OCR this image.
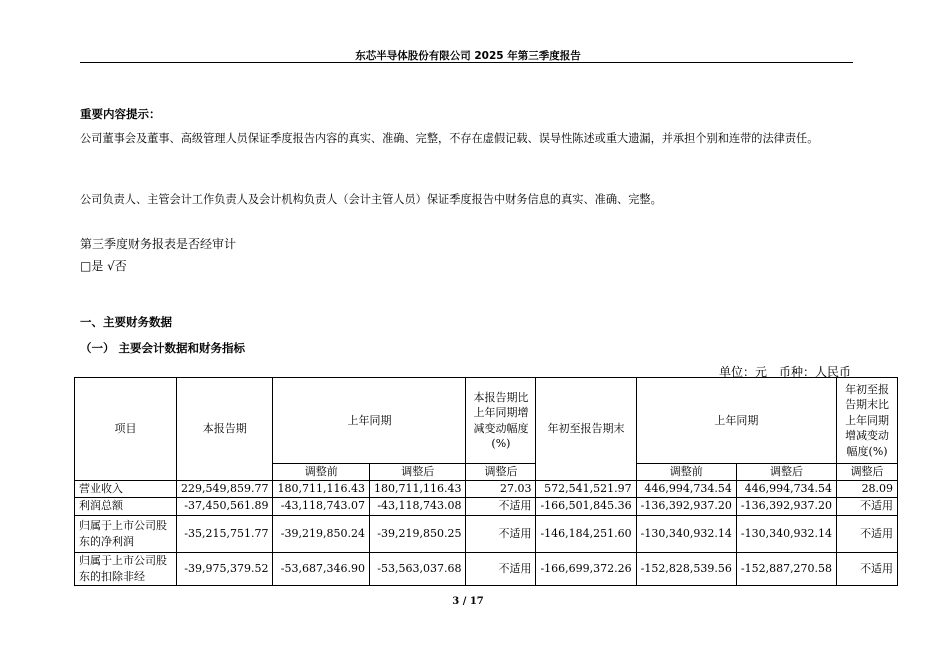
东芯半导体股份有限公司 2025 年第三季度报告
重要内容提示：
公司董事会及董事、高级管理人员保证季度报告内容的真实、准确、完整，不存在虚假记载、误导性陈述或重大遗漏，并承担个别和连带的法律责任。
公司负责人、主管会计工作负责人及会计机构负责人（会计主管人员）保证季度报告中财务信息的真实、准确、完整。
第三季度财务报表是否经审计
□是 √否
一、主要财务数据
（一） 主要会计数据和财务指标
单位：元　币种：人民币
项目	本报告期	上年同期		本报告期比上年同期增减变动幅度(%)	年初至报告期末	上年同期		年初至报告期末比上年同期增减变动幅度(%)
		调整前	调整后	调整后		调整前	调整后	调整后
营业收入	229,549,859.77	180,711,116.43	180,711,116.43	27.03	572,541,521.97	446,994,734.54	446,994,734.54	28.09
利润总额	-37,450,561.89	-43,118,743.07	-43,118,743.08	不适用	-166,501,845.36	-136,392,937.20	-136,392,937.20	不适用
归属于上市公司股东的净利润	-35,215,751.77	-39,219,850.24	-39,219,850.25	不适用	-146,184,251.60	-130,340,932.14	-130,340,932.14	不适用
归属于上市公司股东的扣除非经	-39,975,379.52	-53,687,346.90	-53,563,037.68	不适用	-166,699,372.26	-152,828,539.56	-152,887,270.58	不适用
3 / 17
